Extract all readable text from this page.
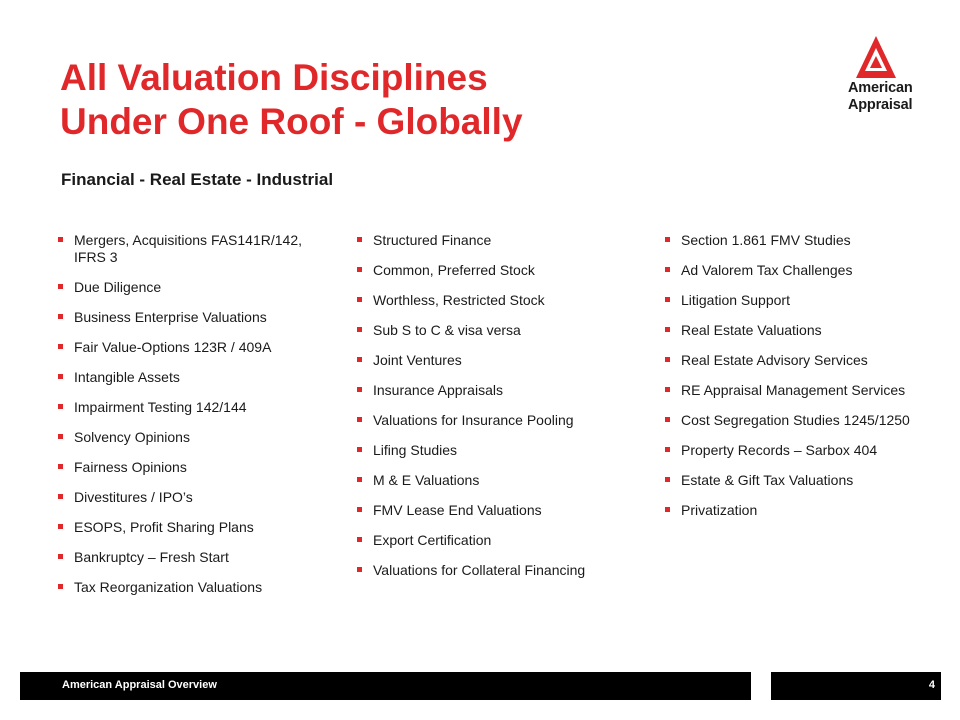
All Valuation Disciplines
Under One Roof - Globally
Financial - Real Estate - Industrial
American
Appraisal
Mergers, Acquisitions FAS141R/142, IFRS 3
Due Diligence
Business Enterprise Valuations
Fair Value-Options 123R / 409A
Intangible Assets
Impairment Testing 142/144
Solvency Opinions
Fairness Opinions
Divestitures / IPO’s
ESOPS, Profit Sharing Plans
Bankruptcy – Fresh Start
Tax Reorganization Valuations
Structured Finance
Common, Preferred Stock
Worthless, Restricted Stock
Sub S to C & visa versa
Joint Ventures
Insurance Appraisals
Valuations for Insurance Pooling
Lifing Studies
M & E Valuations
FMV Lease End Valuations
Export Certification
Valuations for Collateral Financing
Section 1.861 FMV Studies
Ad Valorem Tax Challenges
Litigation Support
Real Estate Valuations
Real Estate Advisory Services
RE Appraisal Management Services
Cost Segregation Studies 1245/1250
Property Records – Sarbox 404
Estate & Gift Tax Valuations
Privatization
American Appraisal Overview	4
